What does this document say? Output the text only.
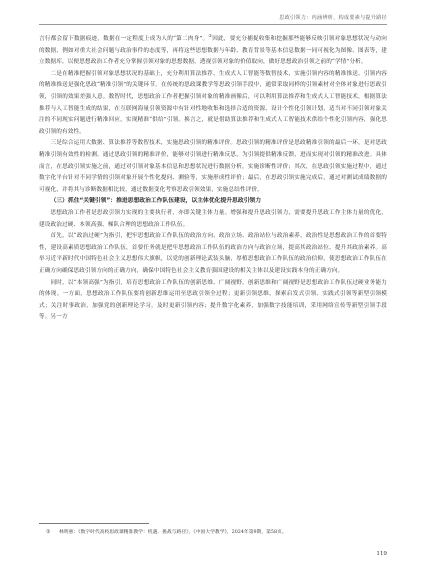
思政引领力：内涵辨析、构成要素与提升路径

言行都会留下数据痕迹，数据在一定程度上成为人的“第二肉身”。①因此，要充分捕捉收集和挖掘那些能够反映引领对象思想状况与动向的数据，例如对重大社会问题与政治事件的态度等，再将这些思想数据与年龄、教育背景等基本信息数据一同可视化为图像、图表等，建立数据库，以便思想政治工作者充分掌握引领对象的思想数据，透视引领对象的价值取向，做好思想政治引领之前的“学情”分析。

二是在精准把握引领对象思想状况的基础上，充分利用算法推荐、生成式人工智能等数智技术，实施引领内容的精准推送。引领内容的精准推送是强化思政“精准引领”的关键环节。在传统的思政课教学等思政引领手段中，通常采取同样的引领素材对全体对象进行思政引领，引领的效果差强人意。数智时代，思想政治工作者把握引领对象的精准画像后，可以利用算法推荐和生成式人工智能技术，根据算法推荐与人工智能生成的结果，在互联网海量引领资源中有针对性地收集和选择合适的资源，设计个性化引领计划，适当对不同引领对象关注的不同现实问题进行精准回应，实现精准“供给”引领。换言之，就是借助算法推荐和生成式人工智能技术供给个性化引领内容，强化思政引领的有效性。

三是综合运用大数据、算法推荐等数智技术，实施思政引领的精准评价。思政引领的精准评价是思政精准引领的最后一环，是对思政精准引领有效性的检测。通过思政引领的精准评价，能够对引领进行精准反思，为引领提供精准反馈，进而实现对引领的精准改进。具体而言，在思政引领实施之前，通过对引领对象基本信息和思想状况进行数据分析，实施诊断性评价；其次，在思政引领实施过程中，通过数字化平台针对不同学情的引领对象开展个性化提问、测验等，实施形成性评价；最后，在思政引领实施完成后，通过对测试成绩数据的可视化，并将其与诊断数据相比较，通过数据变化考察思政引领效果，实施总结性评价。

（三）抓住“关键引领”：推进思想政治工作队伍建设，以主体优化提升思政引领力

思想政治工作者是思政引领力实现的主要执行者，亦即关键主体力量。增强和提升思政引领力，需要提升思政工作主体力量的优化，建设政治过硬、本领高强、梯队合理的思想政治工作队伍。

首先，以“政治过硬”为指引，把牢思想政治工作队伍的政治方向、政治立场、政治站位与政治素养。政治性是思想政治工作的首要特性，建设高素质思想政治工作队伍，首要任务就是把牢思想政治工作队伍的政治方向与政治立场，提高其政治站位、提升其政治素养。高举习近平新时代中国特色社会主义思想伟大旗帜，以党的创新理论武装头脑，厚植思想政治工作队伍的政治信仰，使思想政治工作队伍在正确方向确保思政引领方向的正确方向，确保中国特色社会主义教育强国建设的相关主体以及建设实践本身的正确方向。

同时，以“本领高强”为指引，培育思想政治工作队伍的创新思维、广阔视野。创新思维和广阔视野是思想政治工作队伍过硬业务能力的体现。一方面，思想政治工作队伍要将创新思维运用至思政引领全过程；更新引领思维，探索启发式引领、实践式引领等新型引领模式；关注时事政治，加强党的创新理论学习，及时更新引领内容；提升数字化素养，加强数字技能培训，采用网络宣传等新型引领手段等。另一方

① 林明惠：《数字时代高校思政课精准教学：机遇、挑战与路径》，《中国大学教学》，2024年第9期，第58页。
119
